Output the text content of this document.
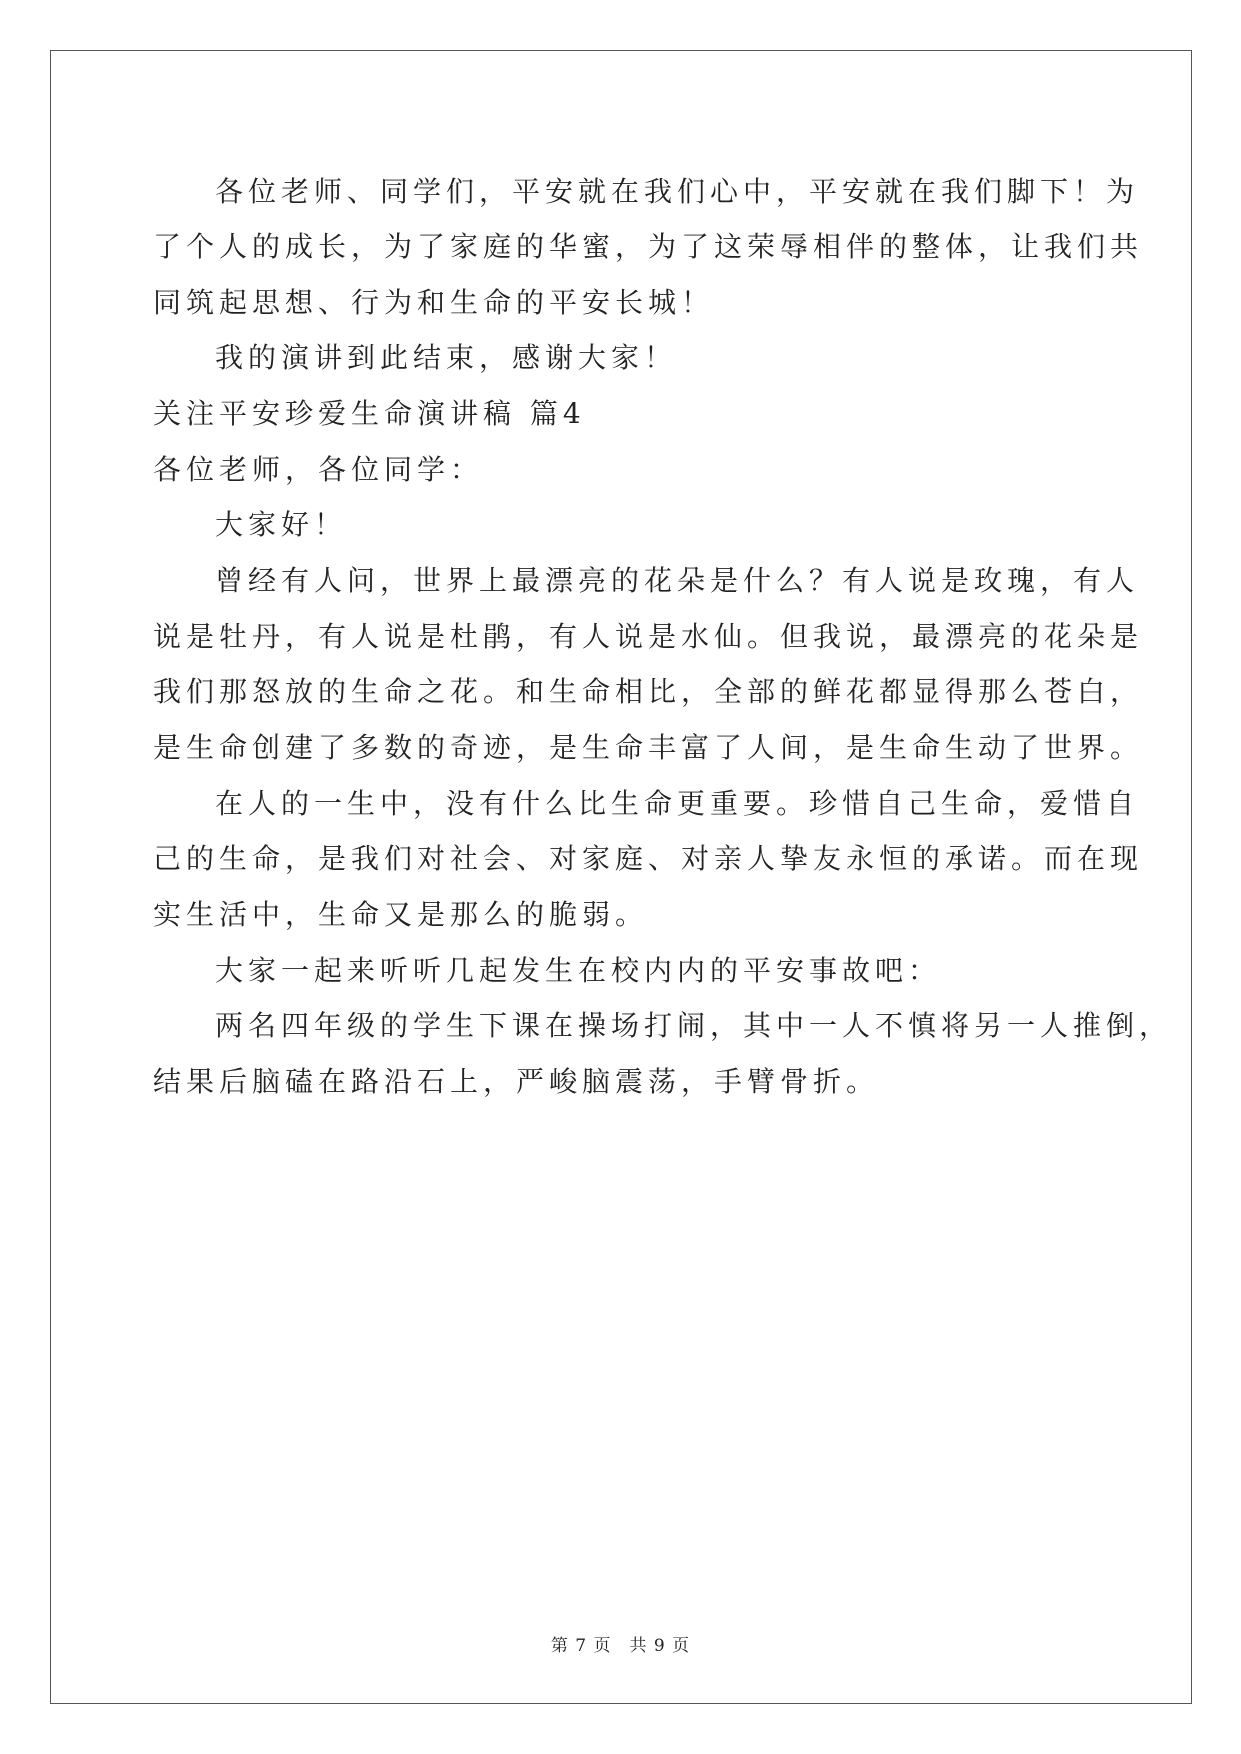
各位老师、同学们，平安就在我们心中，平安就在我们脚下！为
了个人的成长，为了家庭的华蜜，为了这荣辱相伴的整体，让我们共
同筑起思想、行为和生命的平安长城！
我的演讲到此结束，感谢大家！
关注平安珍爱生命演讲稿 篇4
各位老师，各位同学：
大家好！
曾经有人问，世界上最漂亮的花朵是什么？有人说是玫瑰，有人
说是牡丹，有人说是杜鹃，有人说是水仙。但我说，最漂亮的花朵是
我们那怒放的生命之花。和生命相比，全部的鲜花都显得那么苍白，
是生命创建了多数的奇迹，是生命丰富了人间，是生命生动了世界。
在人的一生中，没有什么比生命更重要。珍惜自己生命，爱惜自
己的生命，是我们对社会、对家庭、对亲人挚友永恒的承诺。而在现
实生活中，生命又是那么的脆弱。
大家一起来听听几起发生在校内内的平安事故吧：
两名四年级的学生下课在操场打闹，其中一人不慎将另一人推倒，
结果后脑磕在路沿石上，严峻脑震荡，手臂骨折。
第 7 页　共 9 页
